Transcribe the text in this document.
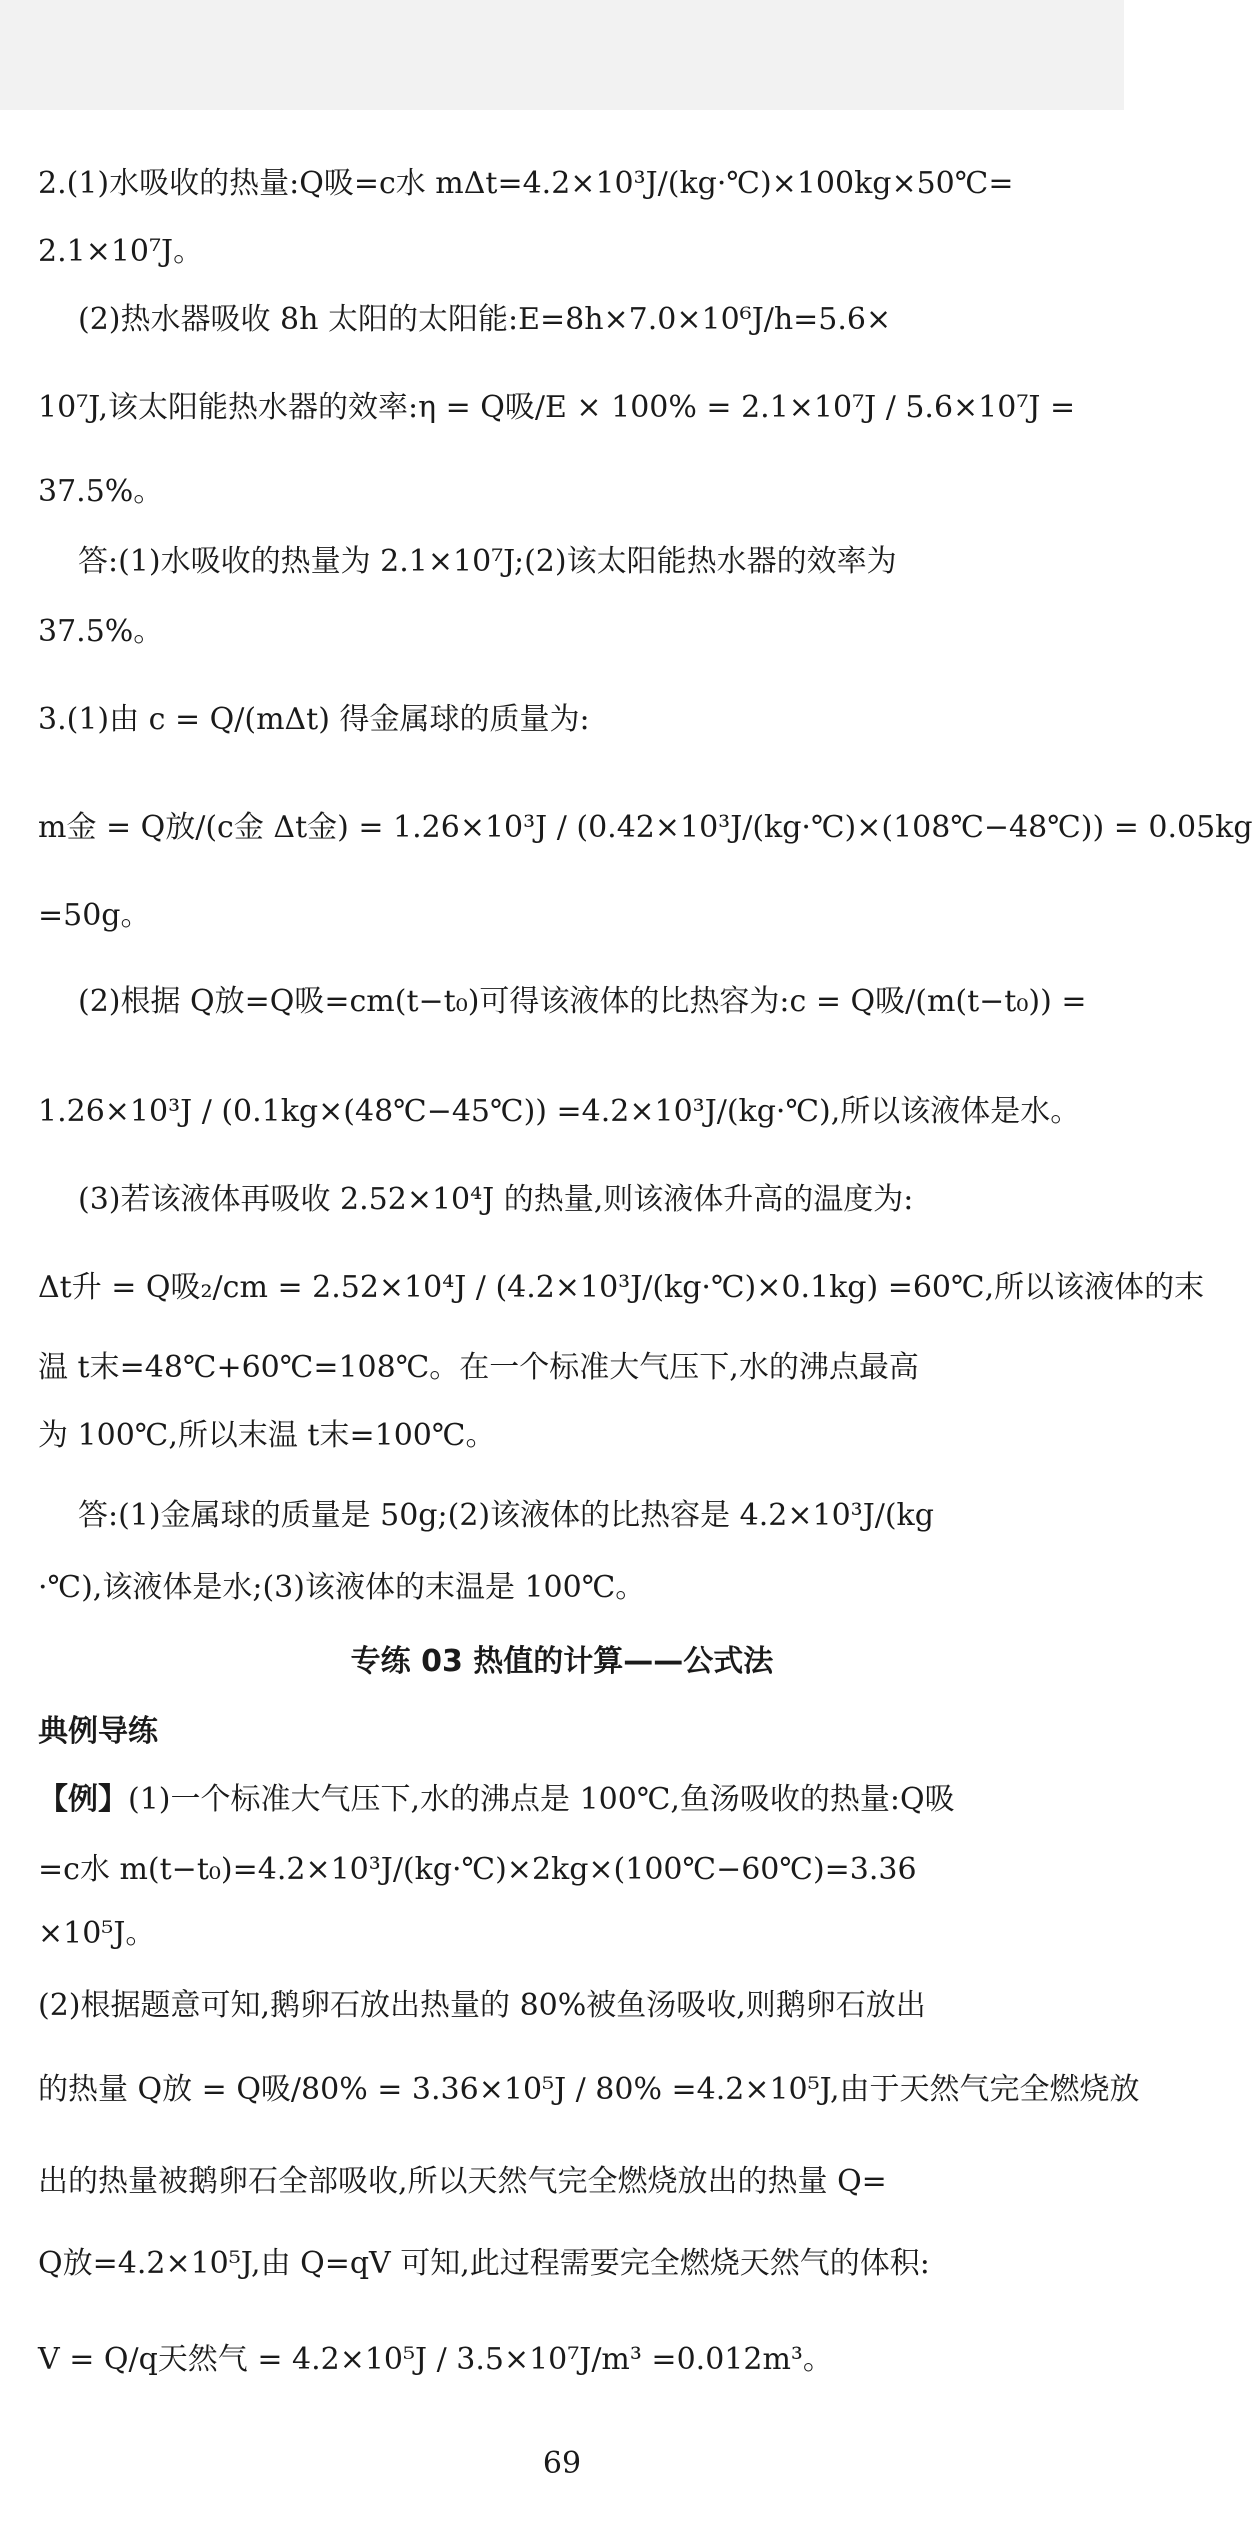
2.(1)水吸收的热量:Q吸=c水 mΔt=4.2×10³J/(kg·℃)×100kg×50℃=
2.1×10⁷J。
(2)热水器吸收 8h 太阳的太阳能:E=8h×7.0×10⁶J/h=5.6×
10⁷J,该太阳能热水器的效率:η = Q吸/E × 100% = 2.1×10⁷J / 5.6×10⁷J =
37.5%。
答:(1)水吸收的热量为 2.1×10⁷J;(2)该太阳能热水器的效率为
37.5%。
3.(1)由 c = Q/(mΔt) 得金属球的质量为:
m金 = Q放/(c金 Δt金) = 1.26×10³J / (0.42×10³J/(kg·℃)×(108℃−48℃)) = 0.05kg
=50g。
(2)根据 Q放=Q吸=cm(t−t₀)可得该液体的比热容为:c = Q吸/(m(t−t₀)) =
1.26×10³J / (0.1kg×(48℃−45℃)) =4.2×10³J/(kg·℃),所以该液体是水。
(3)若该液体再吸收 2.52×10⁴J 的热量,则该液体升高的温度为:
Δt升 = Q吸₂/cm = 2.52×10⁴J / (4.2×10³J/(kg·℃)×0.1kg) =60℃,所以该液体的末
温 t末=48℃+60℃=108℃。在一个标准大气压下,水的沸点最高
为 100℃,所以末温 t末=100℃。
答:(1)金属球的质量是 50g;(2)该液体的比热容是 4.2×10³J/(kg
·℃),该液体是水;(3)该液体的末温是 100℃。
专练 03 热值的计算——公式法
典例导练
【例】(1)一个标准大气压下,水的沸点是 100℃,鱼汤吸收的热量:Q吸
=c水 m(t−t₀)=4.2×10³J/(kg·℃)×2kg×(100℃−60℃)=3.36
×10⁵J。
(2)根据题意可知,鹅卵石放出热量的 80%被鱼汤吸收,则鹅卵石放出
的热量 Q放 = Q吸/80% = 3.36×10⁵J / 80% =4.2×10⁵J,由于天然气完全燃烧放
出的热量被鹅卵石全部吸收,所以天然气完全燃烧放出的热量 Q=
Q放=4.2×10⁵J,由 Q=qV 可知,此过程需要完全燃烧天然气的体积:
V = Q/q天然气 = 4.2×10⁵J / 3.5×10⁷J/m³ =0.012m³。
69
